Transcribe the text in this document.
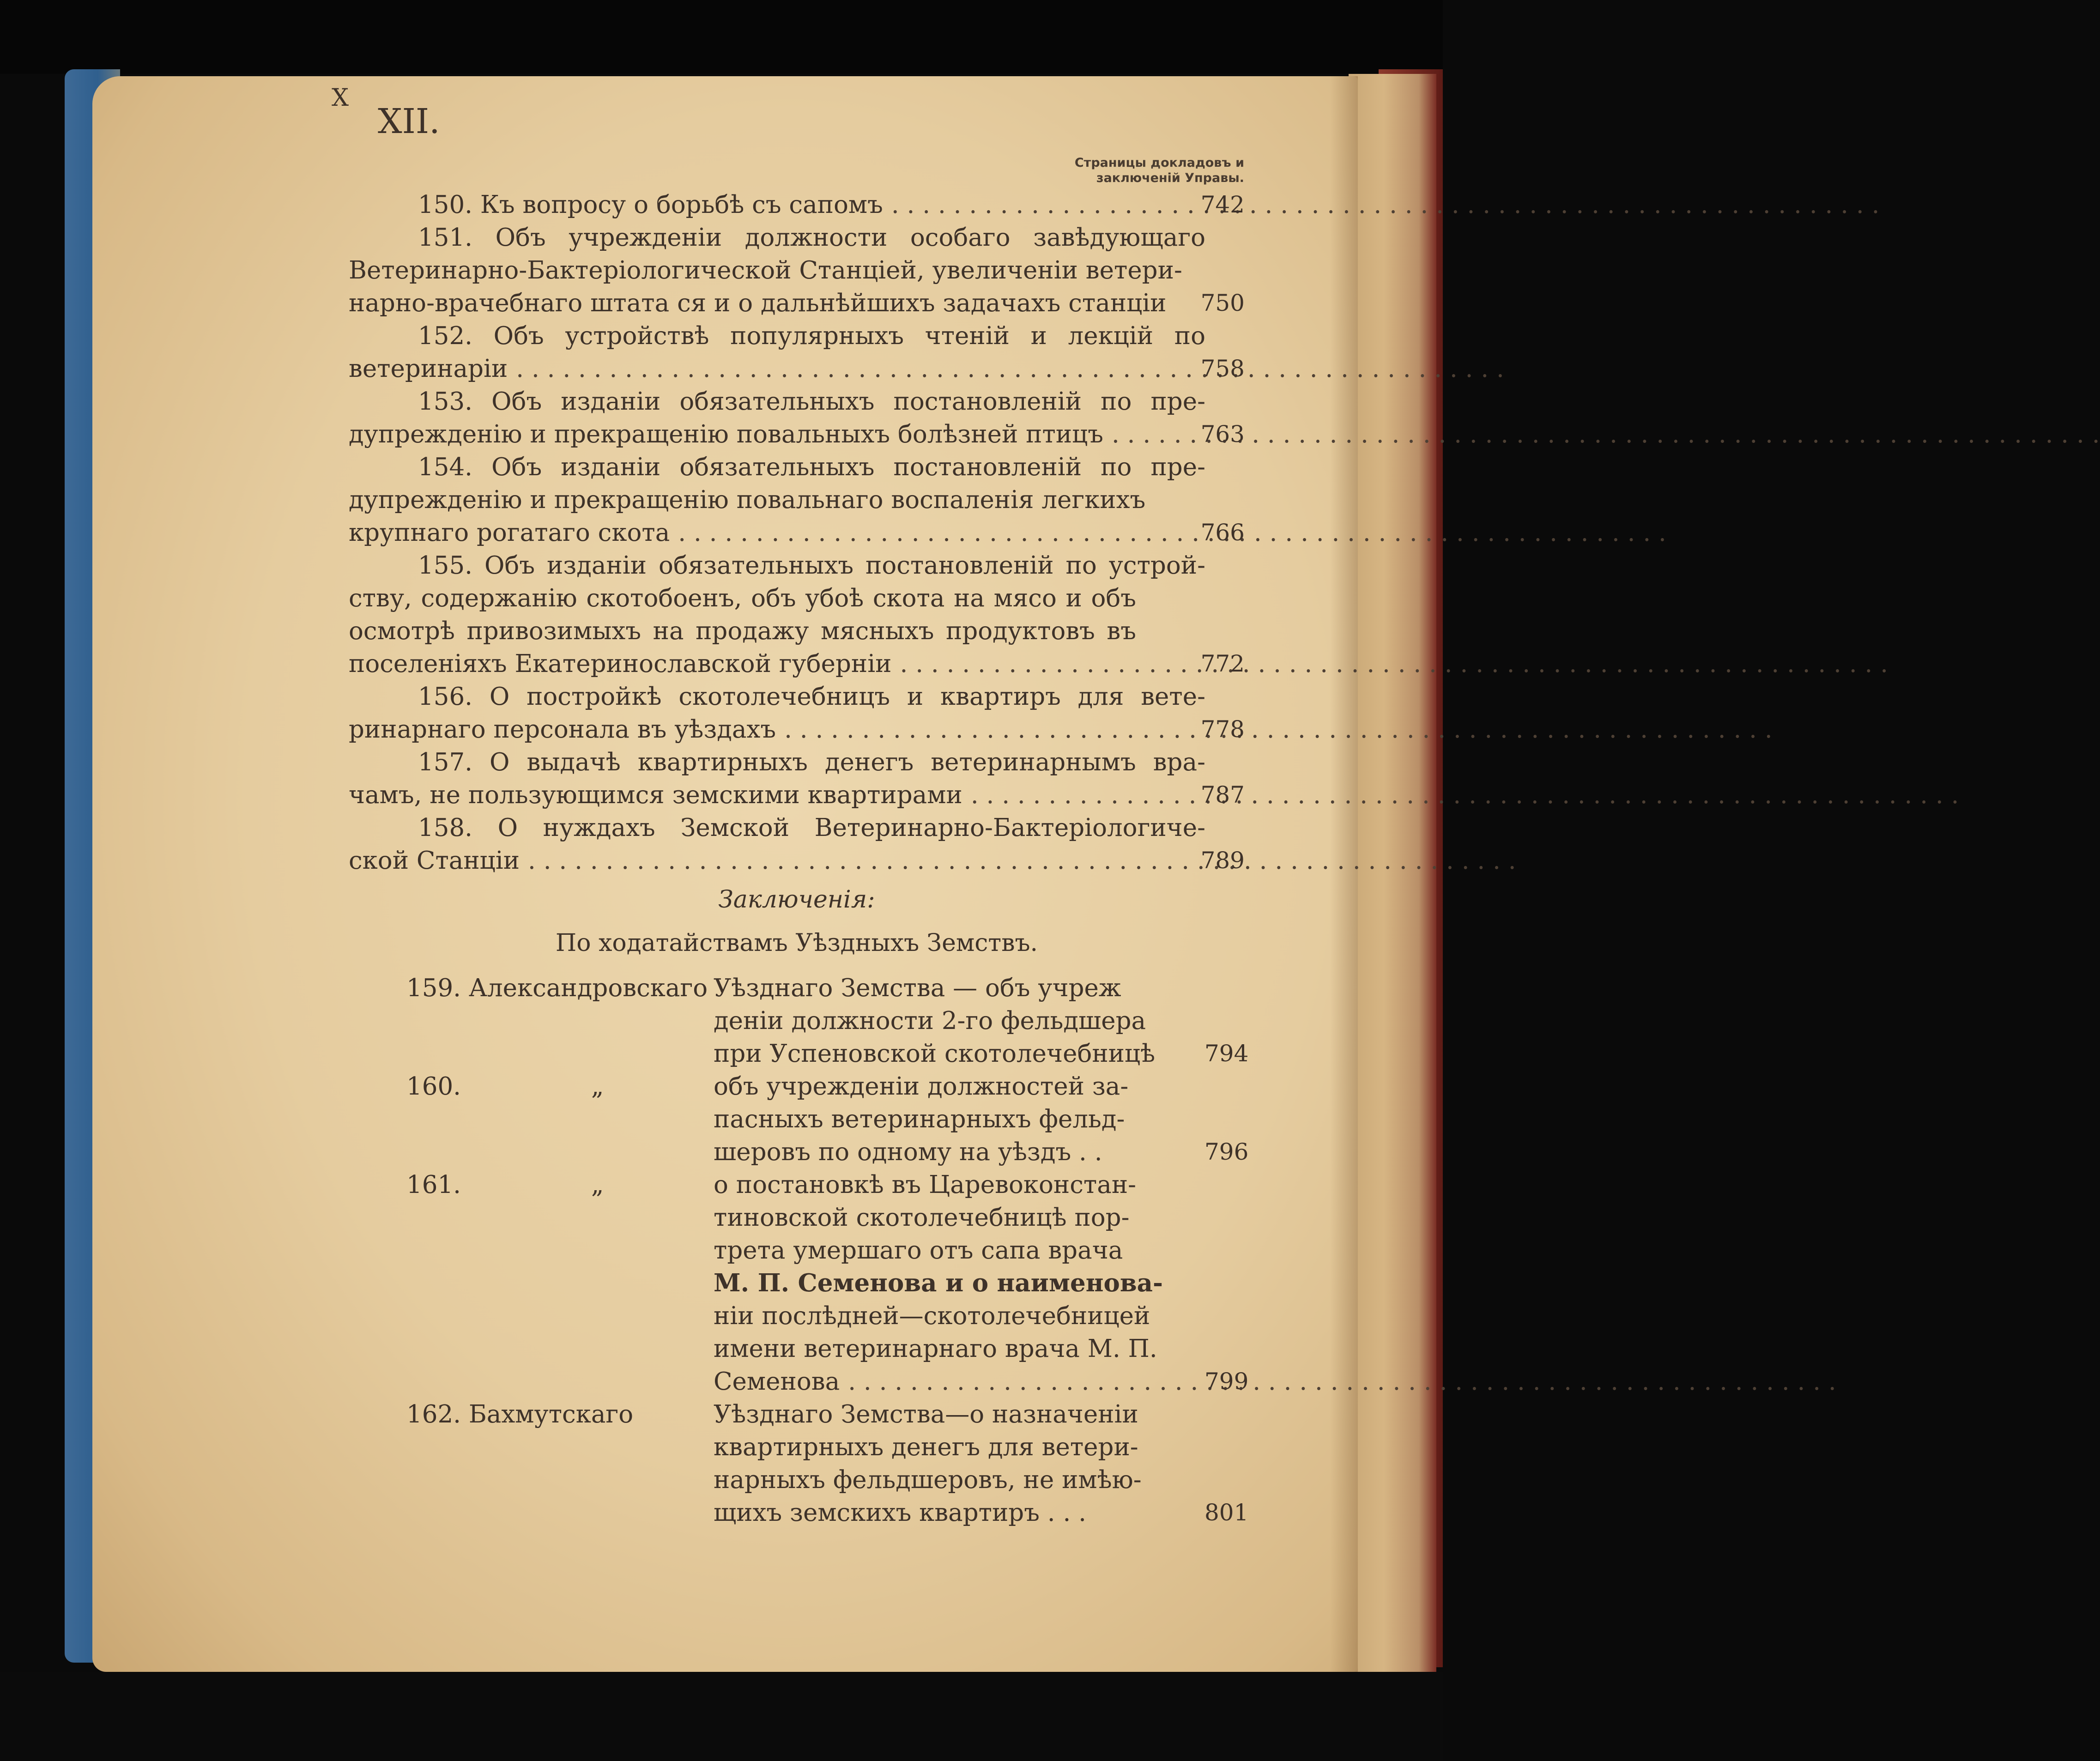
X
XII.
Страницы докладовъ и
заключеній Управы.
150. Къ вопросу о борьбѣ съ сапомъ . . .	742
151. Объ учрежденіи должности особаго завѣдующаго
Ветеринарно-Бактеріологической Станціей, увеличеніи ветери-
нарно-врачебнаго штата ся и о дальнѣйшихъ задачахъ станціи 750
152. Объ устройствѣ популярныхъ чтеній и лекцій по
ветеринаріи . . .	758
153. Объ изданіи обязательныхъ постановленій по пре-
дупрежденію и прекращенію повальныхъ болѣзней птицъ . . .	763
154. Объ изданіи обязательныхъ постановленій по пре-
дупрежденію и прекращенію повальнаго воспаленія легкихъ
крупнаго рогатаго скота . . .	766
155. Объ изданіи обязательныхъ постановленій по устрой-
ству, содержанію скотобоенъ, объ убоѣ скота на мясо и объ
осмотрѣ привозимыхъ на продажу мясныхъ продуктовъ въ
поселеніяхъ Екатеринославской губерніи . . .	772
156. О постройкѣ скотолечебницъ и квартиръ для вете-
ринарнаго персонала въ уѣздахъ . . .	778
157. О выдачѣ квартирныхъ денегъ ветеринарнымъ вра-
чамъ, не пользующимся земскими квартирами . . .	787
158. О нуждахъ Земской Ветеринарно-Бактеріологиче-
ской Станціи . . .	789
Заключенія:
По ходатайствамъ Уѣздныхъ Земствъ.
159. Александровскаго Уѣзднаго Земства — объ учреж
деніи должности 2-го фельдшера
при Успеновской скотолечебницѣ 794
160.	„	объ учрежденіи должностей за-
пасныхъ ветеринарныхъ фельд-
шеровъ по одному на уѣздъ . .	796
161.	„	о постановкѣ въ Царевоконстан-
тиновской скотолечебницѣ пор-
трета умершаго отъ сапа врача
М. П. Семенова и о наименова-
ніи послѣдней—скотолечебницей
имени ветеринарнаго врача М. П.
Семенова . . .	799
162. Бахмутскаго	Уѣзднаго Земства—о назначеніи
квартирныхъ денегъ для ветери-
нарныхъ фельдшеровъ, не имѣю-
щихъ земскихъ квартиръ . . .	801
